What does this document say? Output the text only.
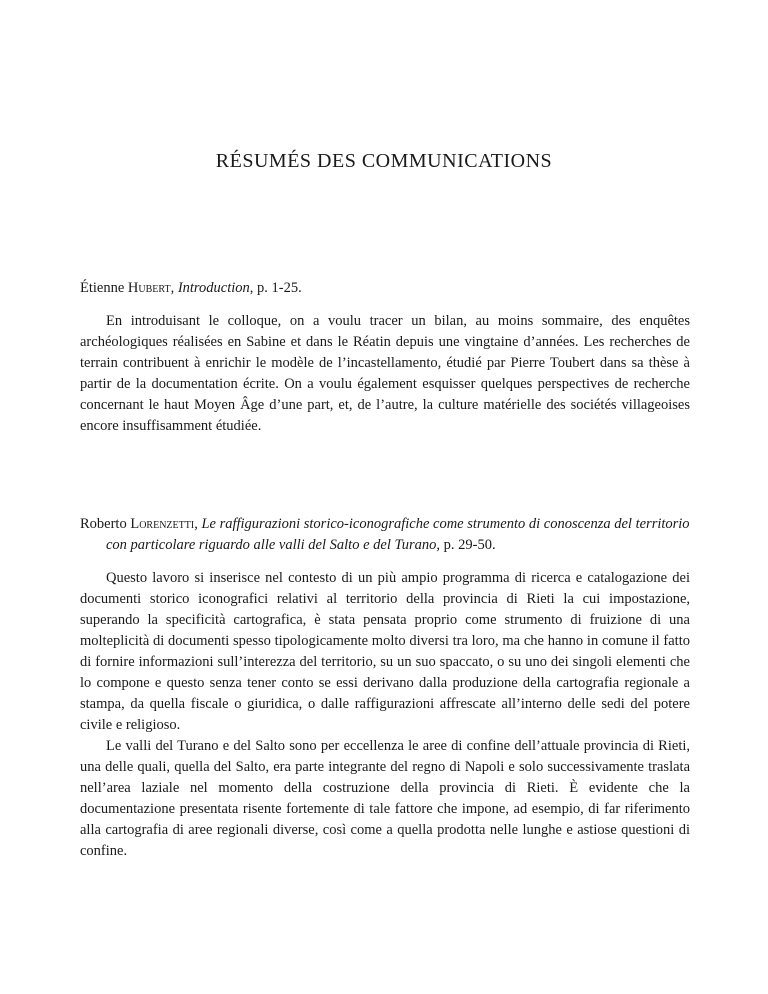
RÉSUMÉS DES COMMUNICATIONS

Étienne Hubert, Introduction, p. 1-25.

En introduisant le colloque, on a voulu tracer un bilan, au moins sommaire, des enquêtes archéologiques réalisées en Sabine et dans le Réatin depuis une vingtaine d’années. Les recherches de terrain contribuent à enrichir le modèle de l’incastellamento, étudié par Pierre Toubert dans sa thèse à partir de la documentation écrite. On a voulu également esquisser quelques perspectives de recherche concernant le haut Moyen Âge d’une part, et, de l’autre, la culture matérielle des sociétés villageoises encore insuffisamment étudiée.

Roberto Lorenzetti, Le raffigurazioni storico-iconografiche come strumento di conoscenza del territorio con particolare riguardo alle valli del Salto e del Turano, p. 29-50.

Questo lavoro si inserisce nel contesto di un più ampio programma di ricerca e catalogazione dei documenti storico iconografici relativi al territorio della provincia di Rieti la cui impostazione, superando la specificità cartografica, è stata pensata proprio come strumento di fruizione di una molteplicità di documenti spesso tipologicamente molto diversi tra loro, ma che hanno in comune il fatto di fornire informazioni sull’interezza del territorio, su un suo spaccato, o su uno dei singoli elementi che lo compone e questo senza tener conto se essi derivano dalla produzione della cartografia regionale a stampa, da quella fiscale o giuridica, o dalle raffigurazioni affrescate all’interno delle sedi del potere civile e religioso.

Le valli del Turano e del Salto sono per eccellenza le aree di confine dell’attuale provincia di Rieti, una delle quali, quella del Salto, era parte integrante del regno di Napoli e solo successivamente traslata nell’area laziale nel momento della costruzione della provincia di Rieti. È evidente che la documentazione presentata risente fortemente di tale fattore che impone, ad esempio, di far riferimento alla cartografia di aree regionali diverse, così come a quella prodotta nelle lunghe e astiose questioni di confine.
